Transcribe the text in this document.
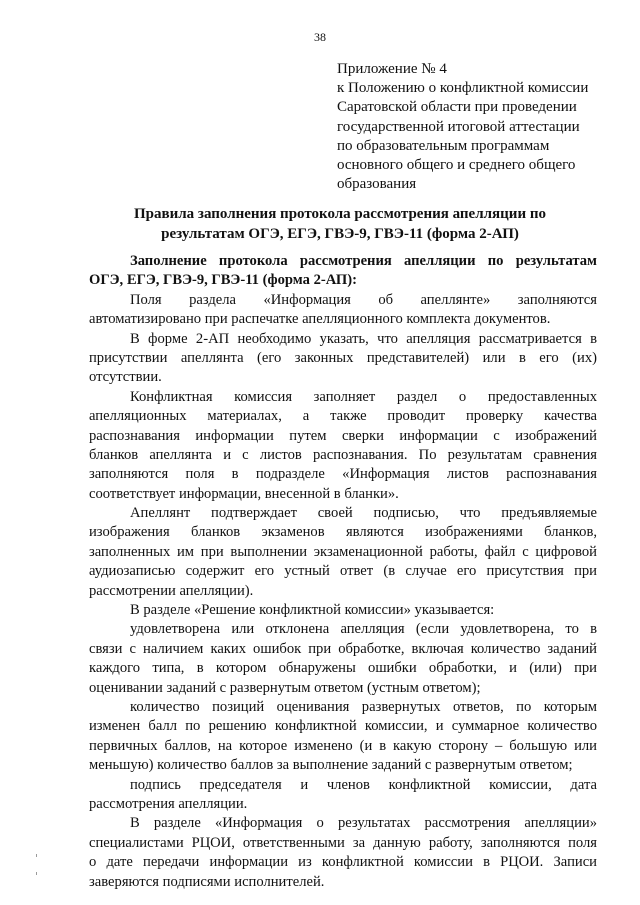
38
Приложение № 4
к Положению о конфликтной комиссии
Саратовской области при проведении
государственной итоговой аттестации
по образовательным программам
основного общего и среднего общего
образования
Правила заполнения протокола рассмотрения апелляции по
результатам ОГЭ, ЕГЭ, ГВЭ-9, ГВЭ-11 (форма 2-АП)
Заполнение протокола рассмотрения апелляции по результатам
ОГЭ, ЕГЭ, ГВЭ-9, ГВЭ-11 (форма 2-АП):
Поля раздела «Информация об апеллянте» заполняются
автоматизировано при распечатке апелляционного комплекта документов.
В форме 2-АП необходимо указать, что апелляция рассматривается в
присутствии апеллянта (его законных представителей) или в его (их)
отсутствии.
Конфликтная комиссия заполняет раздел о предоставленных
апелляционных материалах, а также проводит проверку качества
распознавания информации путем сверки информации с изображений
бланков апеллянта и с листов распознавания. По результатам сравнения
заполняются поля в подразделе «Информация листов распознавания
соответствует информации, внесенной в бланки».
Апеллянт подтверждает своей подписью, что предъявляемые
изображения бланков экзаменов являются изображениями бланков,
заполненных им при выполнении экзаменационной работы, файл с цифровой
аудиозаписью содержит его устный ответ (в случае его присутствия при
рассмотрении апелляции).
В разделе «Решение конфликтной комиссии» указывается:
удовлетворена или отклонена апелляция (если удовлетворена, то в
связи с наличием каких ошибок при обработке, включая количество заданий
каждого типа, в котором обнаружены ошибки обработки, и (или) при
оценивании заданий с развернутым ответом (устным ответом);
количество позиций оценивания развернутых ответов, по которым
изменен балл по решению конфликтной комиссии, и суммарное количество
первичных баллов, на которое изменено (и в какую сторону – большую или
меньшую) количество баллов за выполнение заданий с развернутым ответом;
подпись председателя и членов конфликтной комиссии, дата
рассмотрения апелляции.
В разделе «Информация о результатах рассмотрения апелляции»
специалистами РЦОИ, ответственными за данную работу, заполняются поля
о дате передачи информации из конфликтной комиссии в РЦОИ. Записи
заверяются подписями исполнителей.
